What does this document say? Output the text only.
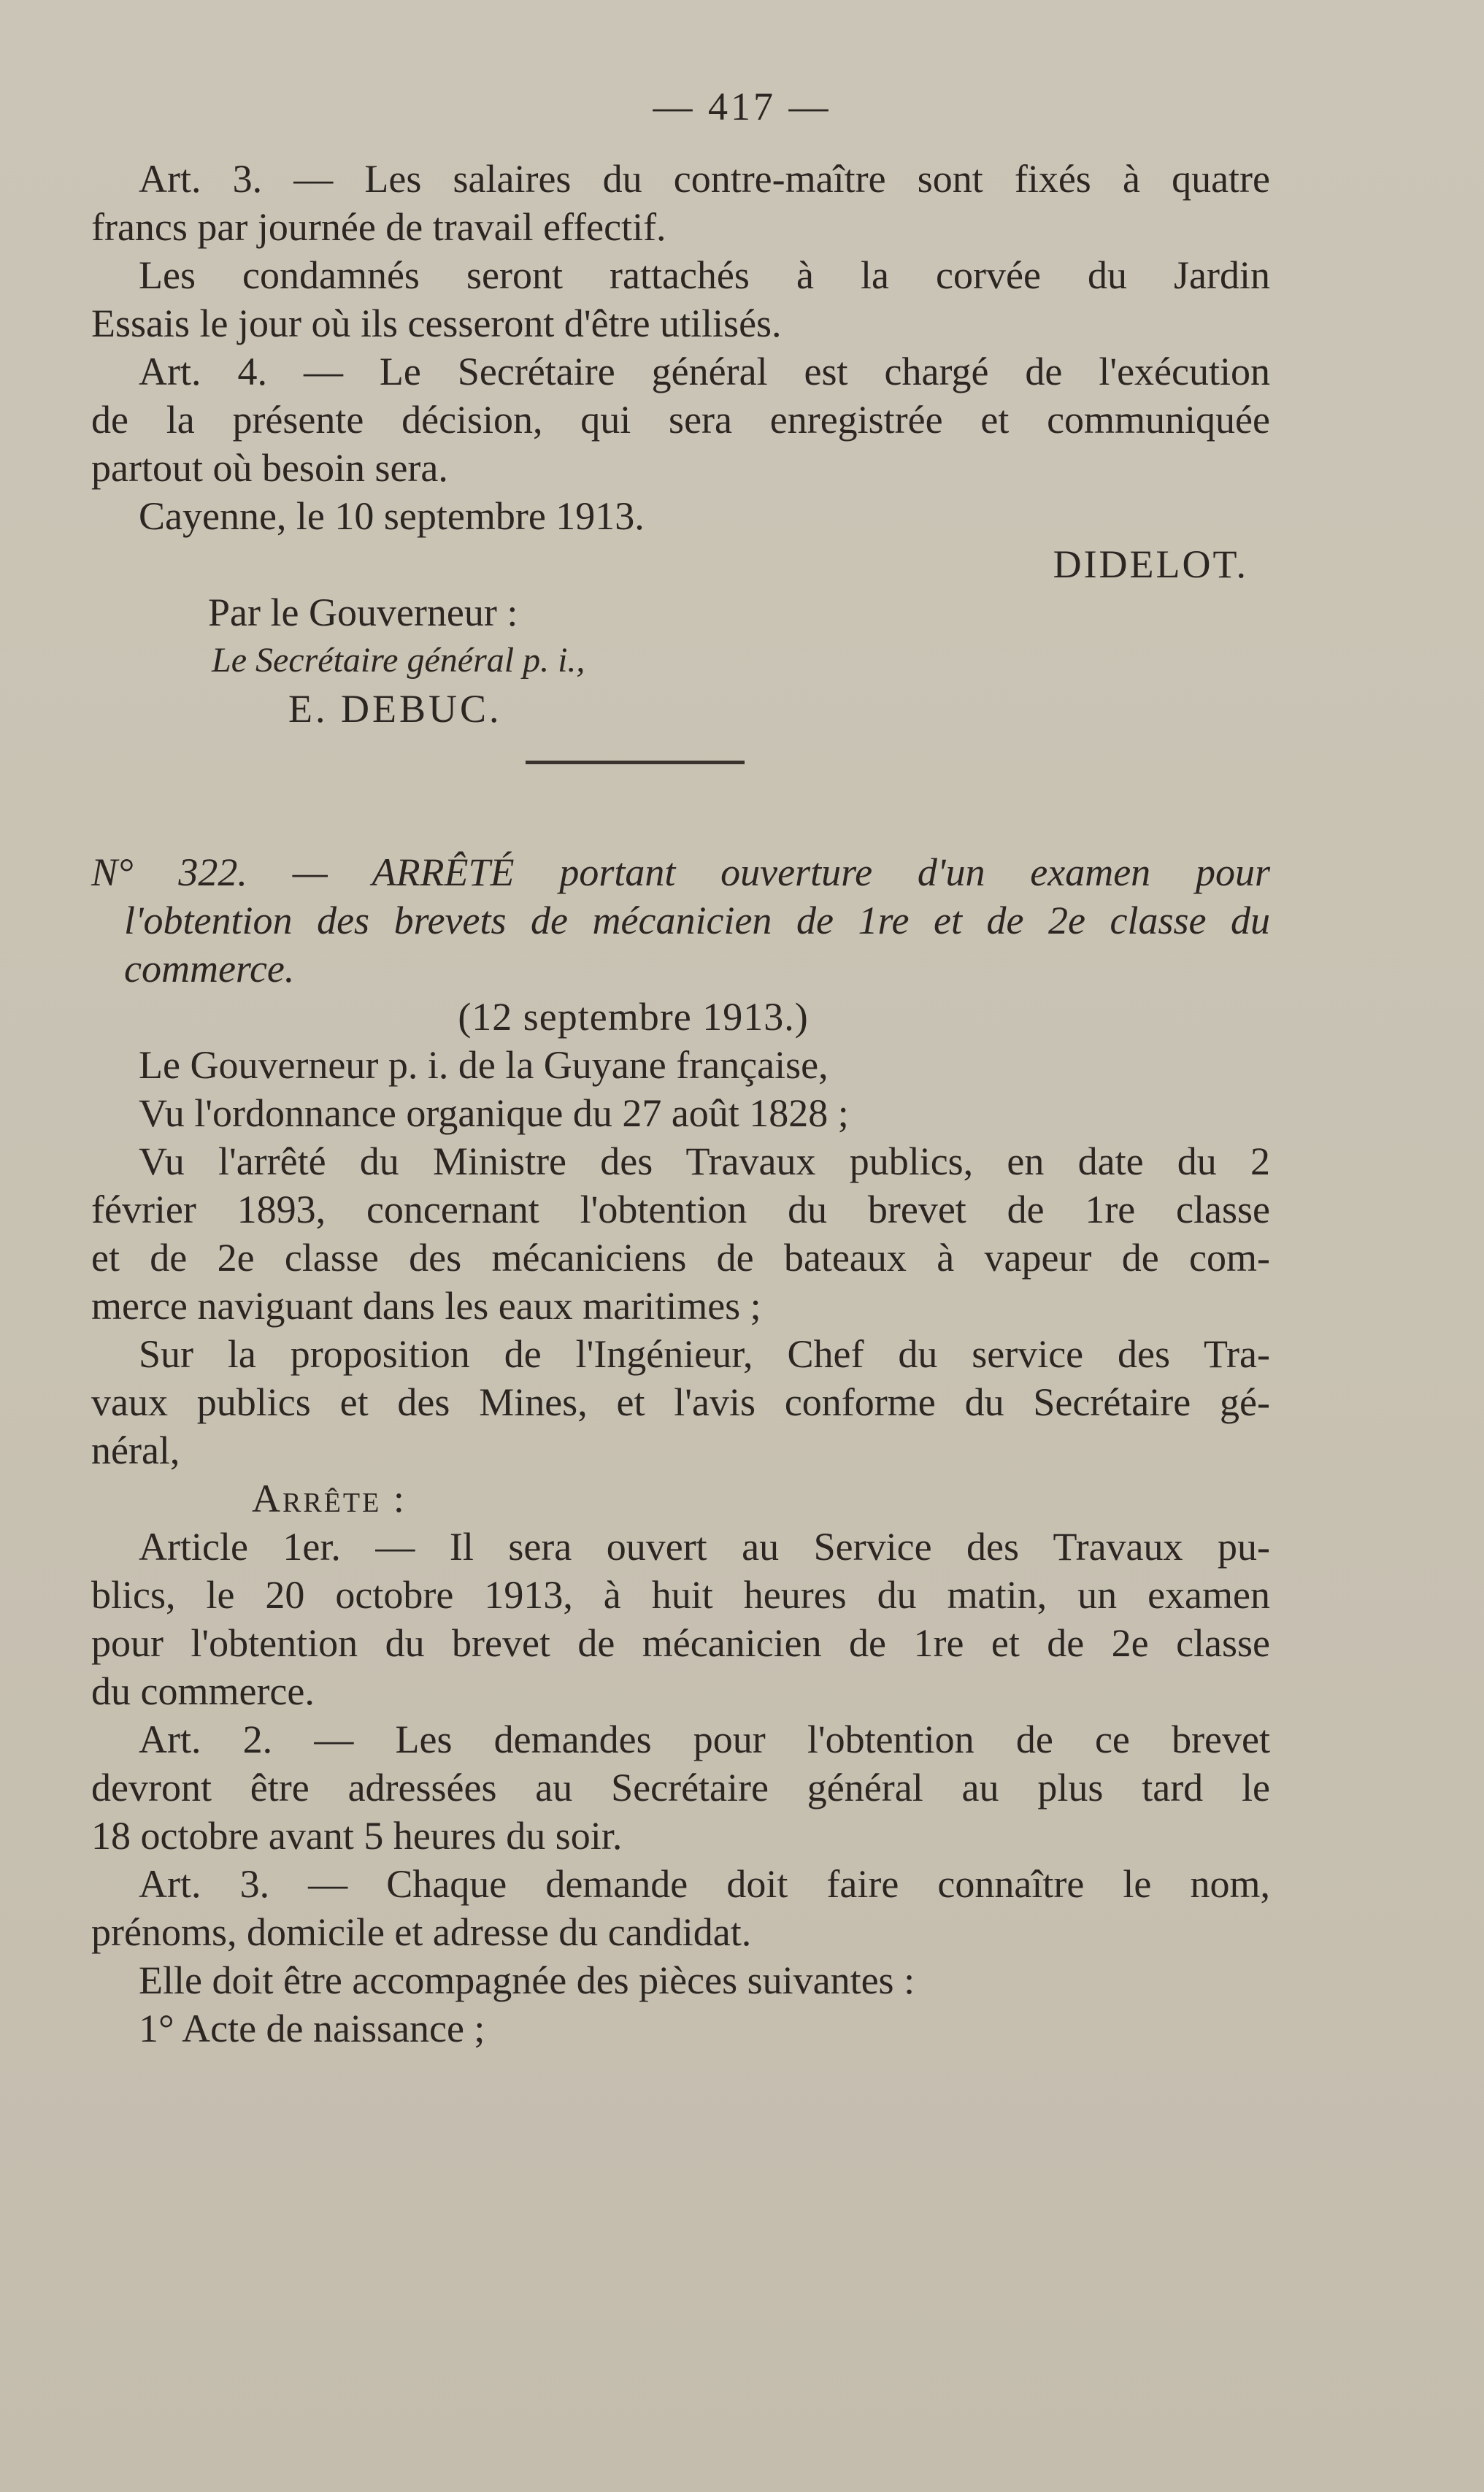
— 417 —

Art. 3. — Les salaires du contre-maître sont fixés à quatre

francs par journée de travail effectif.

Les condamnés seront rattachés à la corvée du Jardin

Essais le jour où ils cesseront d'être utilisés.

Art. 4. — Le Secrétaire général est chargé de l'exécution

de la présente décision, qui sera enregistrée et communiquée

partout où besoin sera.

Cayenne, le 10 septembre 1913.

DIDELOT.

Par le Gouverneur :

Le Secrétaire général p. i.,

E. DEBUC.

N° 322. — ARRÊTÉ portant ouverture d'un examen pour

l'obtention des brevets de mécanicien de 1re et de 2e classe du

commerce.

(12 septembre 1913.)

Le Gouverneur p. i. de la Guyane française,

Vu l'ordonnance organique du 27 août 1828 ;

Vu l'arrêté du Ministre des Travaux publics, en date du 2

février 1893, concernant l'obtention du brevet de 1re classe

et de 2e classe des mécaniciens de bateaux à vapeur de com-

merce naviguant dans les eaux maritimes ;

Sur la proposition de l'Ingénieur, Chef du service des Tra-

vaux publics et des Mines, et l'avis conforme du Secrétaire gé-

néral,

Arrête :

Article 1er. — Il sera ouvert au Service des Travaux pu-

blics, le 20 octobre 1913, à huit heures du matin, un examen

pour l'obtention du brevet de mécanicien de 1re et de 2e classe

du commerce.

Art. 2. — Les demandes pour l'obtention de ce brevet

devront être adressées au Secrétaire général au plus tard le

18 octobre avant 5 heures du soir.

Art. 3. — Chaque demande doit faire connaître le nom,

prénoms, domicile et adresse du candidat.

Elle doit être accompagnée des pièces suivantes :

1° Acte de naissance ;
